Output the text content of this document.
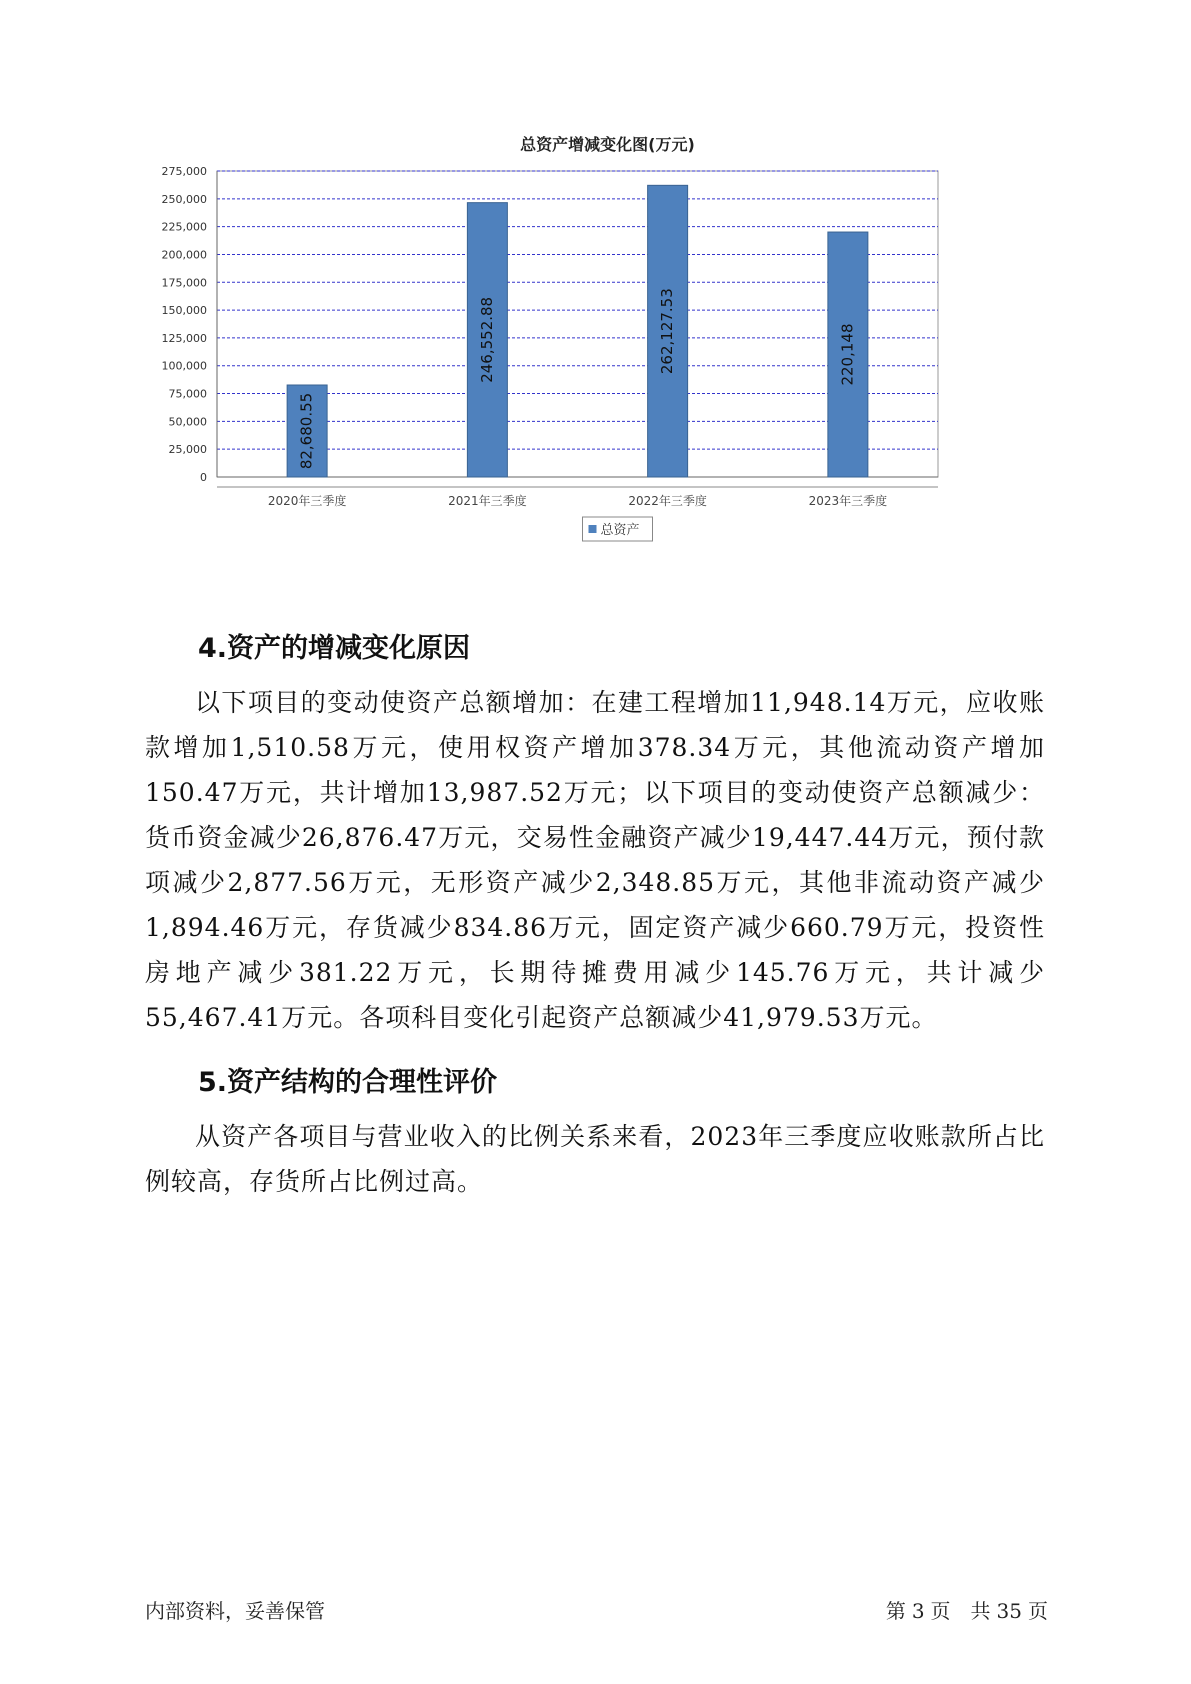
总资产增减变化图(万元)
0
25,000
50,000
75,000
100,000
125,000
150,000
175,000
200,000
225,000
250,000
275,000
82,680.55
2020年三季度
246,552.88
2021年三季度
262,127.53
2022年三季度
220,148
2023年三季度
总资产
4.资产的增减变化原因

以下项目的变动使资产总额增加：在建工程增加11,948.14万元，应收账款增加1,510.58万元，使用权资产增加378.34万元，其他流动资产增加150.47万元，共计增加13,987.52万元；以下项目的变动使资产总额减少：货币资金减少26,876.47万元，交易性金融资产减少19,447.44万元，预付款项减少2,877.56万元，无形资产减少2,348.85万元，其他非流动资产减少1,894.46万元，存货减少834.86万元，固定资产减少660.79万元，投资性房地产减少381.22万元，长期待摊费用减少145.76万元，共计减少55,467.41万元。各项科目变化引起资产总额减少41,979.53万元。

5.资产结构的合理性评价

从资产各项目与营业收入的比例关系来看，2023年三季度应收账款所占比例较高，存货所占比例过高。

内部资料，妥善保管	第 3 页　共 35 页
